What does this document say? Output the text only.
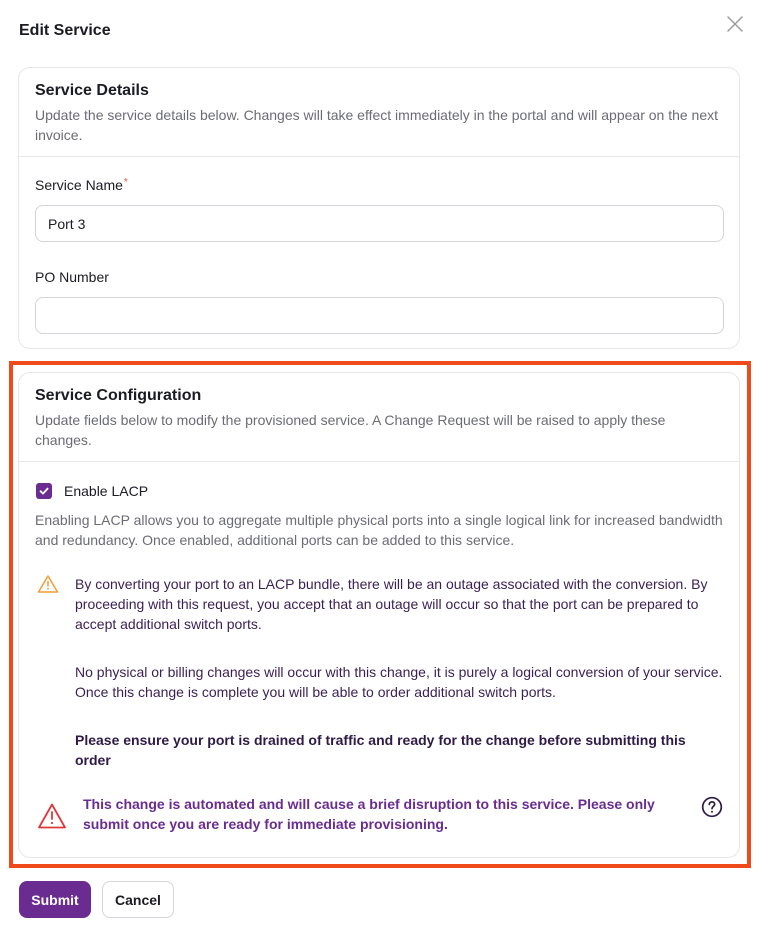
Edit Service
Service Details
Update the service details below. Changes will take effect immediately in the portal and will appear on the next invoice.
Service Name*
Port 3
PO Number
Service Configuration
Update fields below to modify the provisioned service. A Change Request will be raised to apply these changes.
Enable LACP
Enabling LACP allows you to aggregate multiple physical ports into a single logical link for increased bandwidth and redundancy. Once enabled, additional ports can be added to this service.
By converting your port to an LACP bundle, there will be an outage associated with the conversion. By proceeding with this request, you accept that an outage will occur so that the port can be prepared to accept additional switch ports.
No physical or billing changes will occur with this change, it is purely a logical conversion of your service. Once this change is complete you will be able to order additional switch ports.
Please ensure your port is drained of traffic and ready for the change before submitting this order
This change is automated and will cause a brief disruption to this service. Please only submit once you are ready for immediate provisioning.
Submit	Cancel
